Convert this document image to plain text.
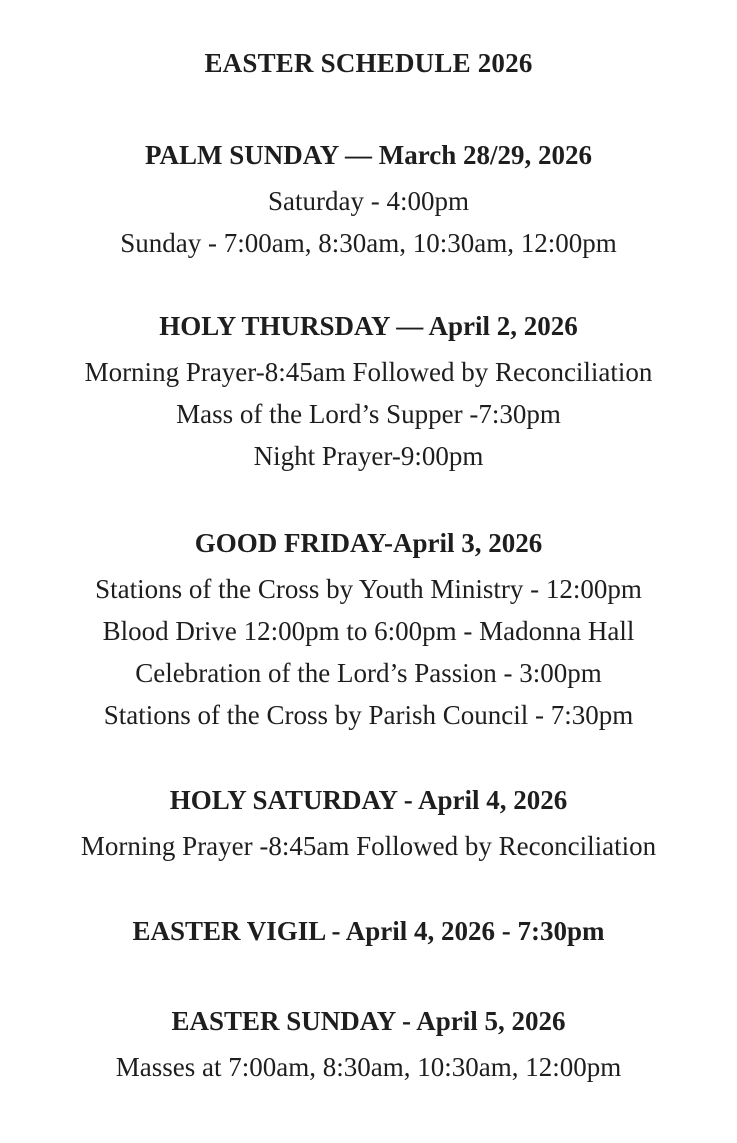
EASTER SCHEDULE 2026
PALM SUNDAY — March 28/29, 2026
Saturday - 4:00pm
Sunday - 7:00am, 8:30am, 10:30am, 12:00pm
HOLY THURSDAY — April 2, 2026
Morning Prayer-8:45am Followed by Reconciliation
Mass of the Lord’s Supper -7:30pm
Night Prayer-9:00pm
GOOD FRIDAY-April 3, 2026
Stations of the Cross by Youth Ministry - 12:00pm
Blood Drive 12:00pm to 6:00pm - Madonna Hall
Celebration of the Lord’s Passion - 3:00pm
Stations of the Cross by Parish Council - 7:30pm
HOLY SATURDAY - April 4, 2026
Morning Prayer -8:45am Followed by Reconciliation
EASTER VIGIL - April 4, 2026 - 7:30pm
EASTER SUNDAY - April 5, 2026
Masses at 7:00am, 8:30am, 10:30am, 12:00pm
